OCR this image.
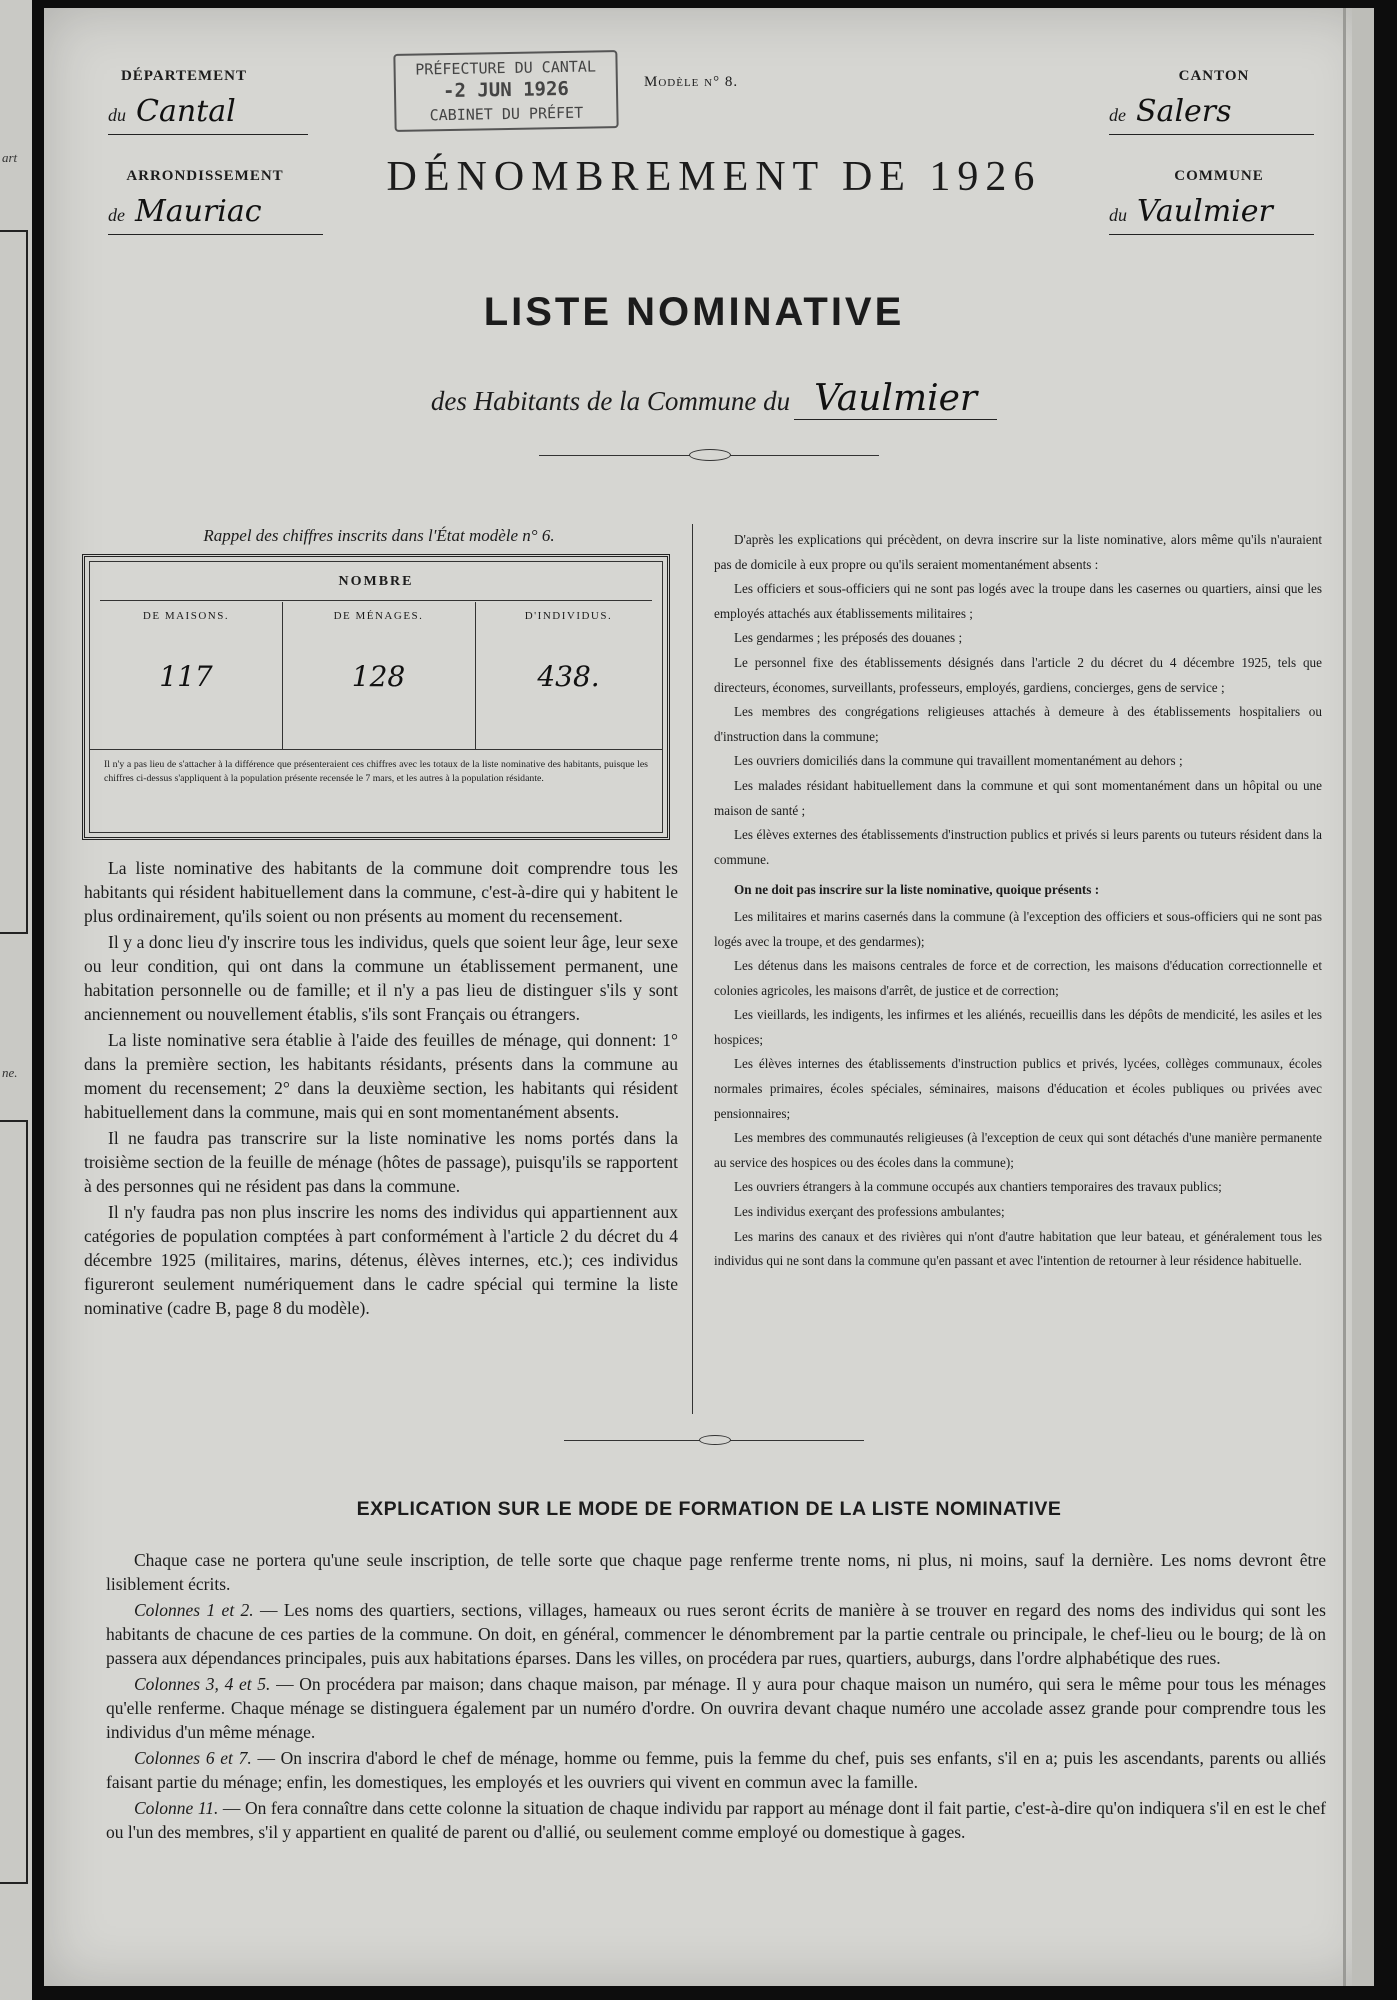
art
ne.
DÉPARTEMENT
du Cantal
ARRONDISSEMENT
de Mauriac
PRÉFECTURE DU CANTAL
-2 JUN 1926
CABINET DU PRÉFET
Modèle n° 8.	CANTON
de Salers
COMMUNE
du Vaulmier
DÉNOMBREMENT DE 1926
LISTE NOMINATIVE
des Habitants de la Commune du Vaulmier
Rappel des chiffres inscrits dans l'État modèle n° 6.
NOMBRE
DE MAISONS.	DE MÉNAGES.	D'INDIVIDUS.
117	128	438.
Il n'y a pas lieu de s'attacher à la différence que présenteraient ces chiffres avec les totaux de la liste nominative des habitants, puisque les chiffres ci-dessus s'appliquent à la population présente recensée le 7 mars, et les autres à la population résidante.

La liste nominative des habitants de la commune doit comprendre tous les habitants qui résident habituellement dans la commune, c'est-à-dire qui y habitent le plus ordinairement, qu'ils soient ou non présents au moment du recensement.

Il y a donc lieu d'y inscrire tous les individus, quels que soient leur âge, leur sexe ou leur condition, qui ont dans la commune un établissement permanent, une habitation personnelle ou de famille; et il n'y a pas lieu de distinguer s'ils y sont anciennement ou nouvellement établis, s'ils sont Français ou étrangers.

La liste nominative sera établie à l'aide des feuilles de ménage, qui donnent: 1° dans la première section, les habitants résidants, présents dans la commune au moment du recensement; 2° dans la deuxième section, les habitants qui résident habituellement dans la commune, mais qui en sont momentanément absents.

Il ne faudra pas transcrire sur la liste nominative les noms portés dans la troisième section de la feuille de ménage (hôtes de passage), puisqu'ils se rapportent à des personnes qui ne résident pas dans la commune.

Il n'y faudra pas non plus inscrire les noms des individus qui appartiennent aux catégories de population comptées à part conformément à l'article 2 du décret du 4 décembre 1925 (militaires, marins, détenus, élèves internes, etc.); ces individus figureront seulement numériquement dans le cadre spécial qui termine la liste nominative (cadre B, page 8 du modèle).

D'après les explications qui précèdent, on devra inscrire sur la liste nominative, alors même qu'ils n'auraient pas de domicile à eux propre ou qu'ils seraient momentanément absents :

Les officiers et sous-officiers qui ne sont pas logés avec la troupe dans les casernes ou quartiers, ainsi que les employés attachés aux établissements militaires ;

Les gendarmes ; les préposés des douanes ;

Le personnel fixe des établissements désignés dans l'article 2 du décret du 4 décembre 1925, tels que directeurs, économes, surveillants, professeurs, employés, gardiens, concierges, gens de service ;

Les membres des congrégations religieuses attachés à demeure à des établissements hospitaliers ou d'instruction dans la commune;

Les ouvriers domiciliés dans la commune qui travaillent momentanément au dehors ;

Les malades résidant habituellement dans la commune et qui sont momentanément dans un hôpital ou une maison de santé ;

Les élèves externes des établissements d'instruction publics et privés si leurs parents ou tuteurs résident dans la commune.

On ne doit pas inscrire sur la liste nominative, quoique présents :

Les militaires et marins casernés dans la commune (à l'exception des officiers et sous-officiers qui ne sont pas logés avec la troupe, et des gendarmes);

Les détenus dans les maisons centrales de force et de correction, les maisons d'éducation correctionnelle et colonies agricoles, les maisons d'arrêt, de justice et de correction;

Les vieillards, les indigents, les infirmes et les aliénés, recueillis dans les dépôts de mendicité, les asiles et les hospices;

Les élèves internes des établissements d'instruction publics et privés, lycées, collèges communaux, écoles normales primaires, écoles spéciales, séminaires, maisons d'éducation et écoles publiques ou privées avec pensionnaires;

Les membres des communautés religieuses (à l'exception de ceux qui sont détachés d'une manière permanente au service des hospices ou des écoles dans la commune);

Les ouvriers étrangers à la commune occupés aux chantiers temporaires des travaux publics;

Les individus exerçant des professions ambulantes;

Les marins des canaux et des rivières qui n'ont d'autre habitation que leur bateau, et généralement tous les individus qui ne sont dans la commune qu'en passant et avec l'intention de retourner à leur résidence habituelle.

EXPLICATION SUR LE MODE DE FORMATION DE LA LISTE NOMINATIVE

Chaque case ne portera qu'une seule inscription, de telle sorte que chaque page renferme trente noms, ni plus, ni moins, sauf la dernière. Les noms devront être lisiblement écrits.

Colonnes 1 et 2. — Les noms des quartiers, sections, villages, hameaux ou rues seront écrits de manière à se trouver en regard des noms des individus qui sont les habitants de chacune de ces parties de la commune. On doit, en général, commencer le dénombrement par la partie centrale ou principale, le chef-lieu ou le bourg; de là on passera aux dépendances principales, puis aux habitations éparses. Dans les villes, on procédera par rues, quartiers, auburgs, dans l'ordre alphabétique des rues.

Colonnes 3, 4 et 5. — On procédera par maison; dans chaque maison, par ménage. Il y aura pour chaque maison un numéro, qui sera le même pour tous les ménages qu'elle renferme. Chaque ménage se distinguera également par un numéro d'ordre. On ouvrira devant chaque numéro une accolade assez grande pour comprendre tous les individus d'un même ménage.

Colonnes 6 et 7. — On inscrira d'abord le chef de ménage, homme ou femme, puis la femme du chef, puis ses enfants, s'il en a; puis les ascendants, parents ou alliés faisant partie du ménage; enfin, les domestiques, les employés et les ouvriers qui vivent en commun avec la famille.

Colonne 11. — On fera connaître dans cette colonne la situation de chaque individu par rapport au ménage dont il fait partie, c'est-à-dire qu'on indiquera s'il en est le chef ou l'un des membres, s'il y appartient en qualité de parent ou d'allié, ou seulement comme employé ou domestique à gages.
